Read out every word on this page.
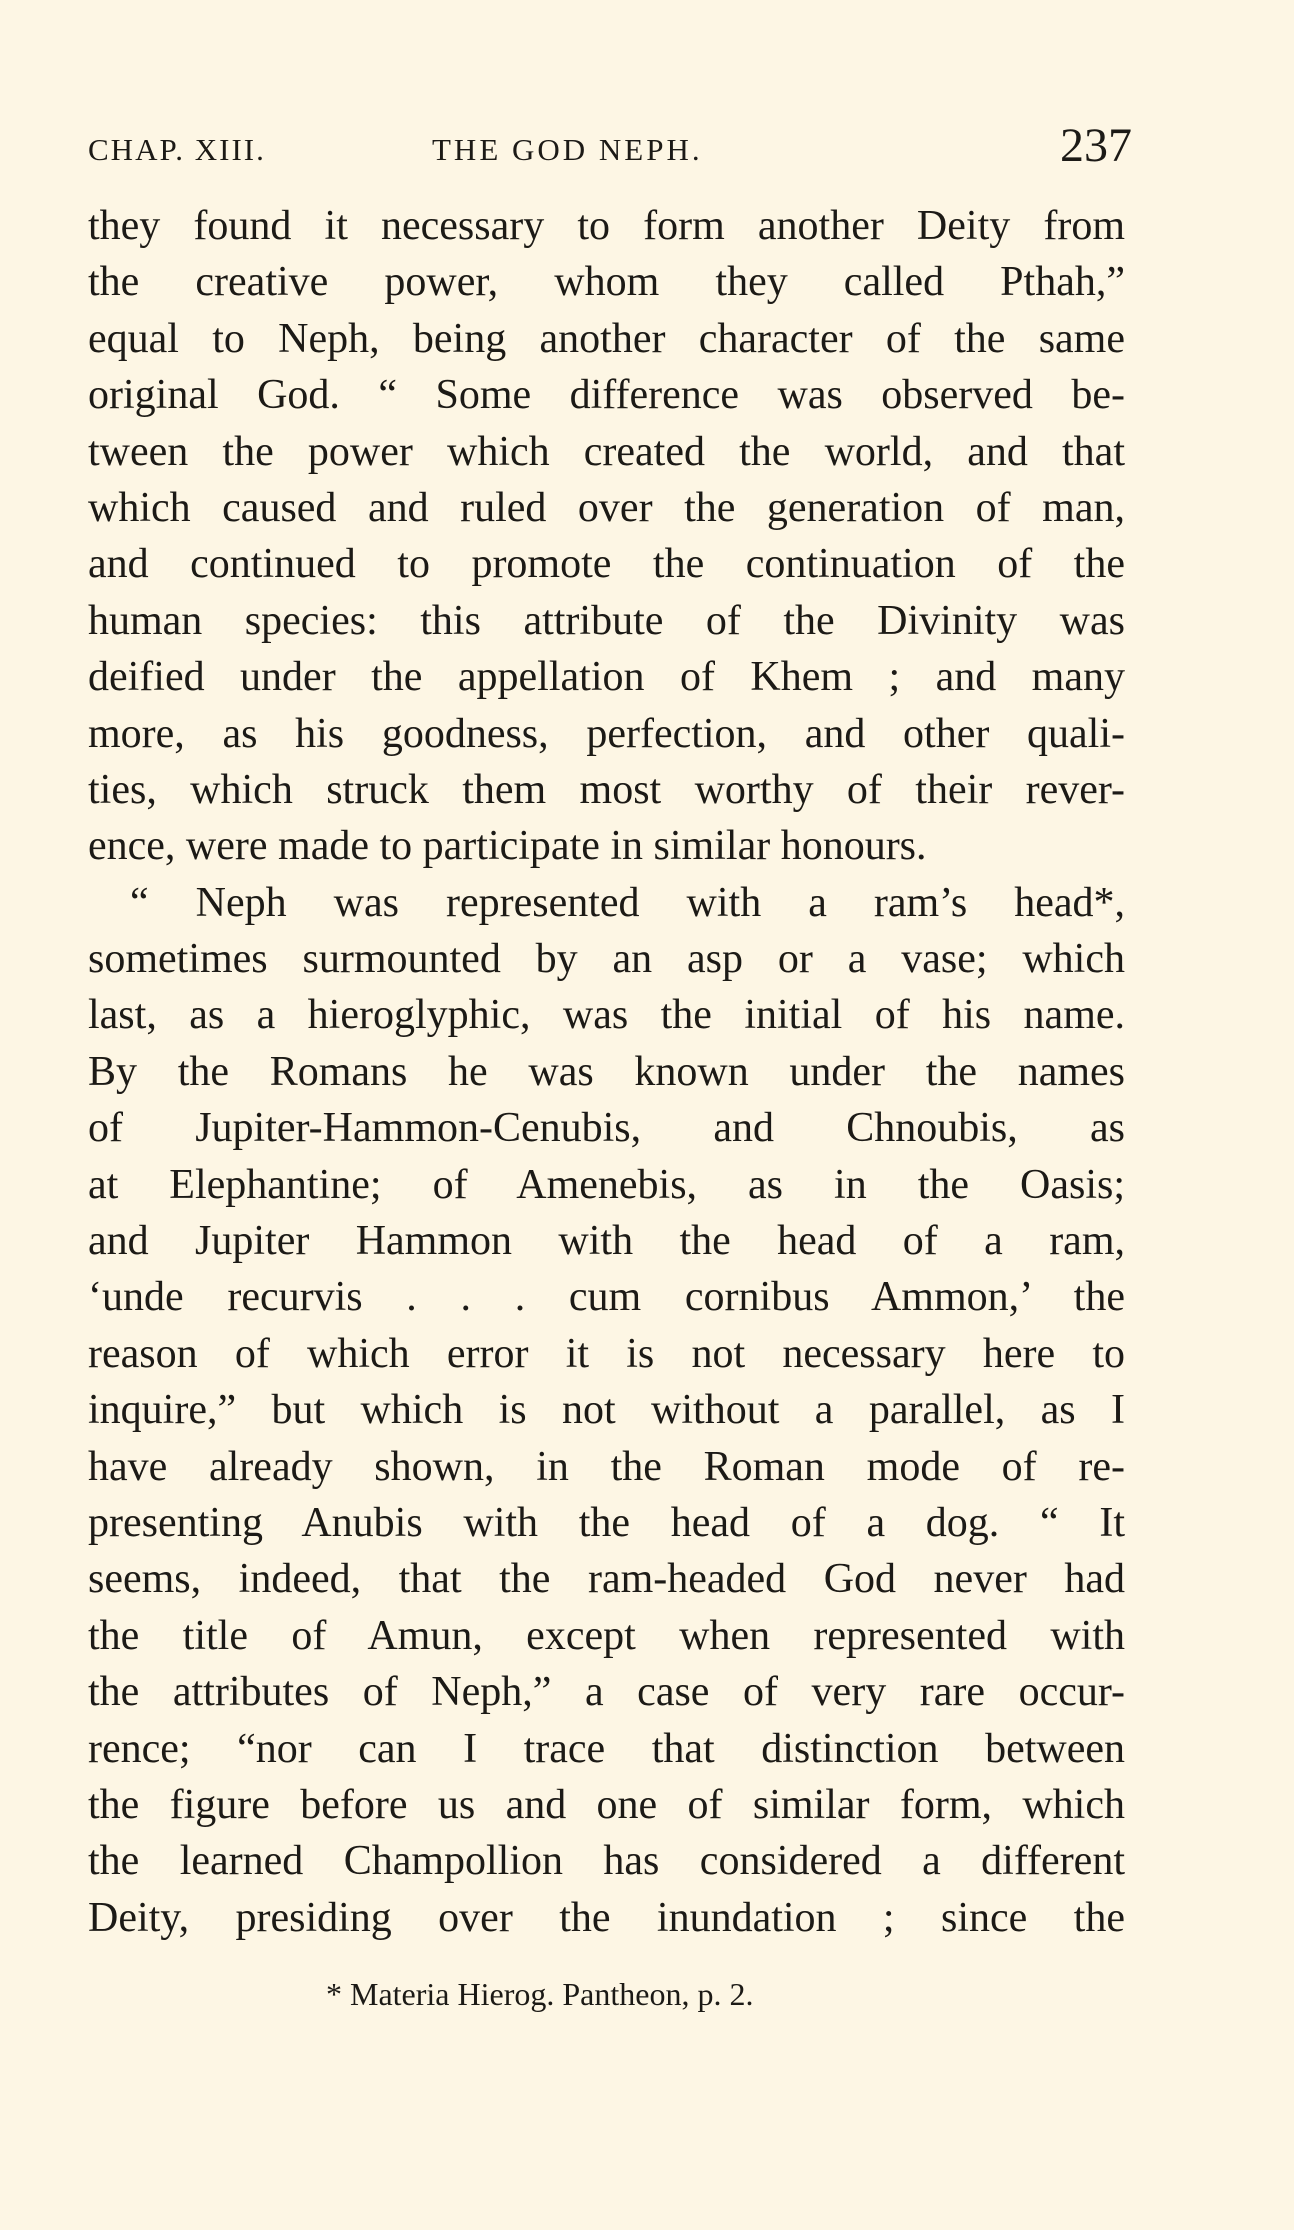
CHAP. XIII.	THE GOD NEPH.	237
they found it necessary to form another Deity from
the creative power, whom they called Pthah,”
equal to Neph, being another character of the same
original God. “ Some difference was observed be-
tween the power which created the world, and that
which caused and ruled over the generation of man,
and continued to promote the continuation of the
human species: this attribute of the Divinity was
deified under the appellation of Khem ; and many
more, as his goodness, perfection, and other quali-
ties, which struck them most worthy of their rever-
ence, were made to participate in similar honours.
“ Neph was represented with a ram’s head*,
sometimes surmounted by an asp or a vase; which
last, as a hieroglyphic, was the initial of his name.
By the Romans he was known under the names
of Jupiter-Hammon-Cenubis, and Chnoubis, as
at Elephantine; of Amenebis, as in the Oasis;
and Jupiter Hammon with the head of a ram,
‘unde recurvis . . . cum cornibus Ammon,’ the
reason of which error it is not necessary here to
inquire,” but which is not without a parallel, as I
have already shown, in the Roman mode of re-
presenting Anubis with the head of a dog. “ It
seems, indeed, that the ram-headed God never had
the title of Amun, except when represented with
the attributes of Neph,” a case of very rare occur-
rence; “nor can I trace that distinction between
the figure before us and one of similar form, which
the learned Champollion has considered a different
Deity, presiding over the inundation ; since the
* Materia Hierog. Pantheon, p. 2.
